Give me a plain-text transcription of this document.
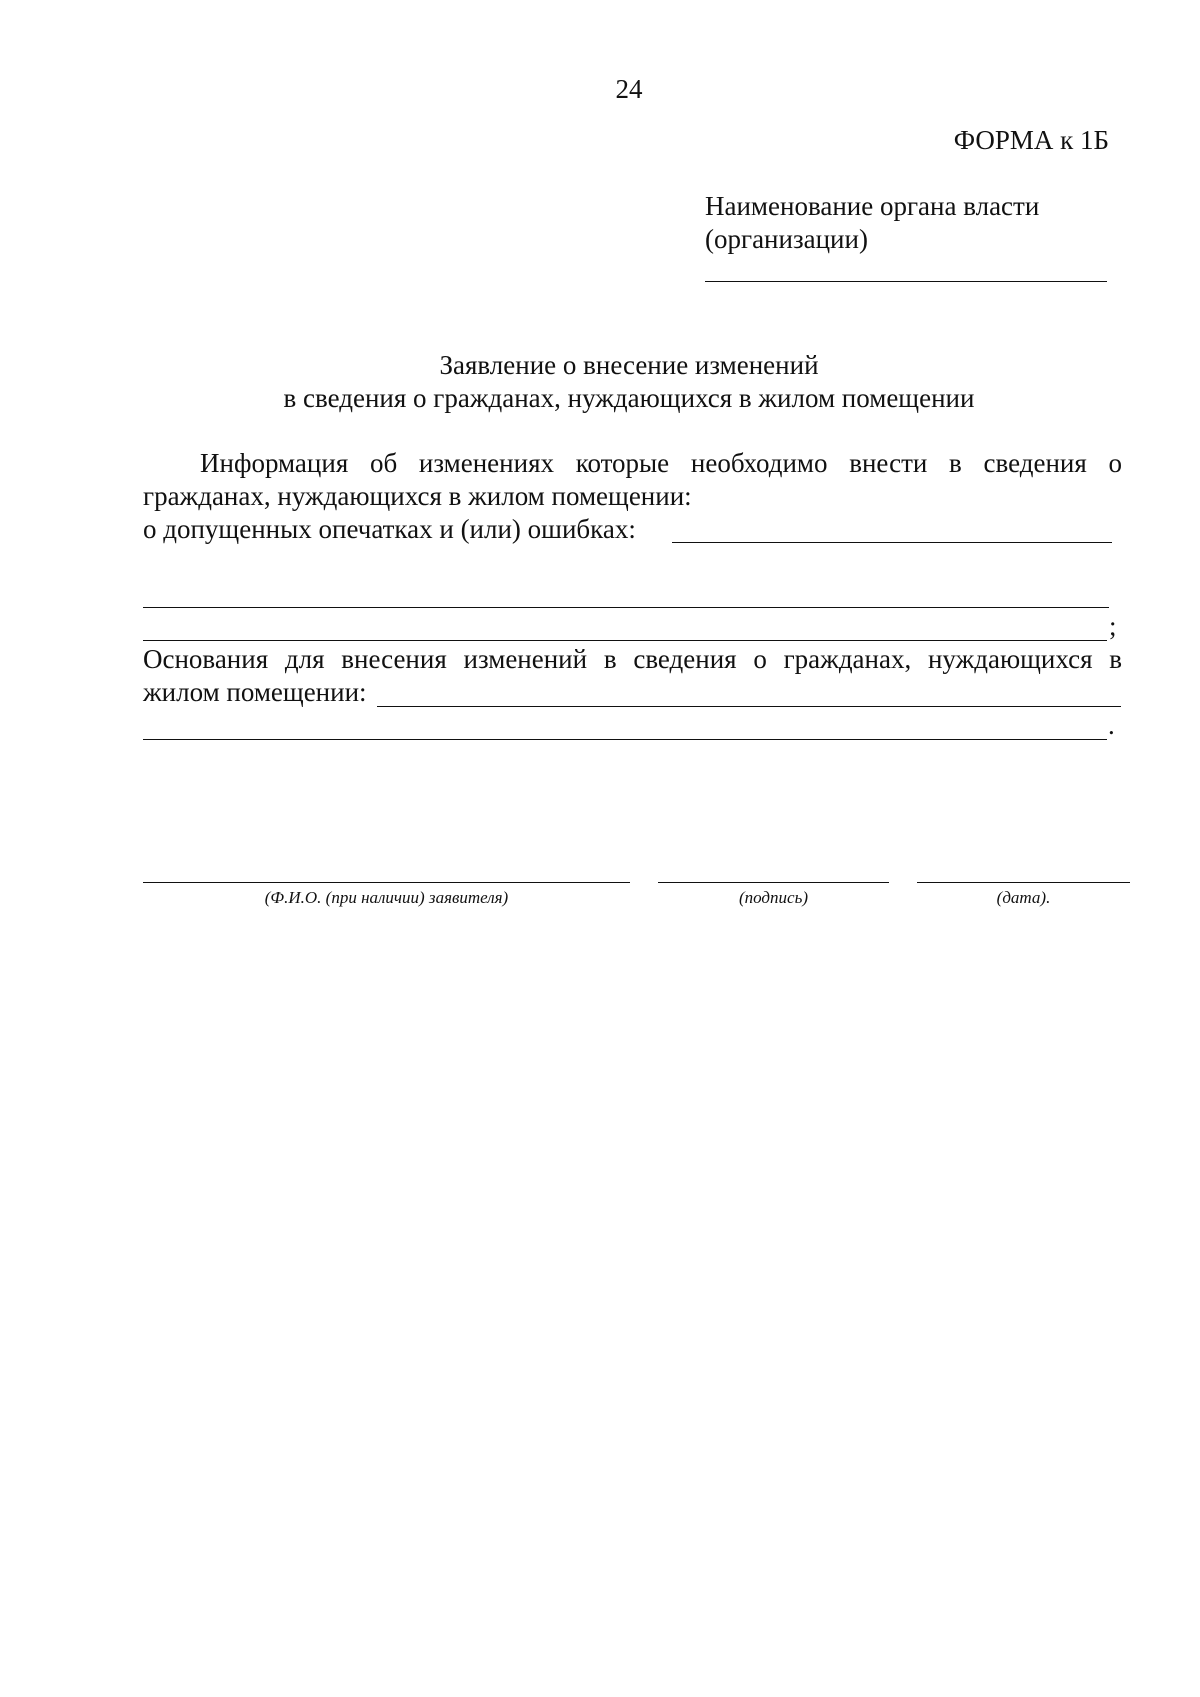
24
ФОРМА к 1Б
Наименование органа власти
(организации)
Заявление о внесение изменений
в сведения о гражданах, нуждающихся в жилом помещении
Информация об изменениях которые необходимо внести в сведения о
гражданах, нуждающихся в жилом помещении:
о допущенных опечатках и (или) ошибках:
;
Основания для внесения изменений в сведения о гражданах, нуждающихся в
жилом помещении:
.
(Ф.И.О. (при наличии) заявителя)	(подпись)	(дата).
